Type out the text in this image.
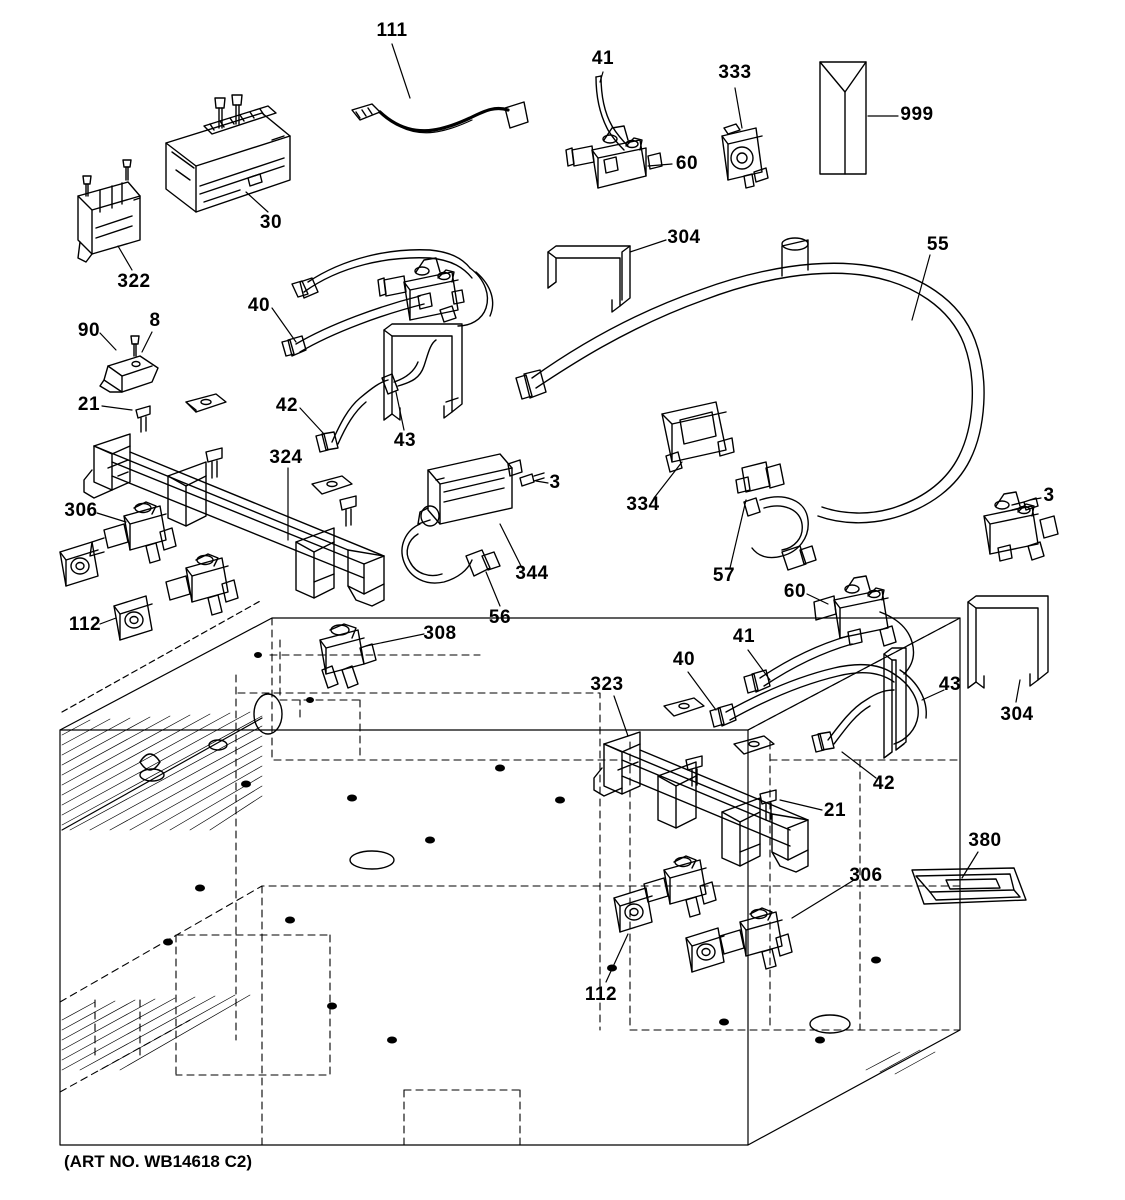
111
41
333
999
60
30
304	55
322
40
90	8
21	42
43
324
3
3
306	334
344	57
112	56
60
308	41
40
43
323
304
42
21
380
306
112
(ART NO. WB14618 C2)
